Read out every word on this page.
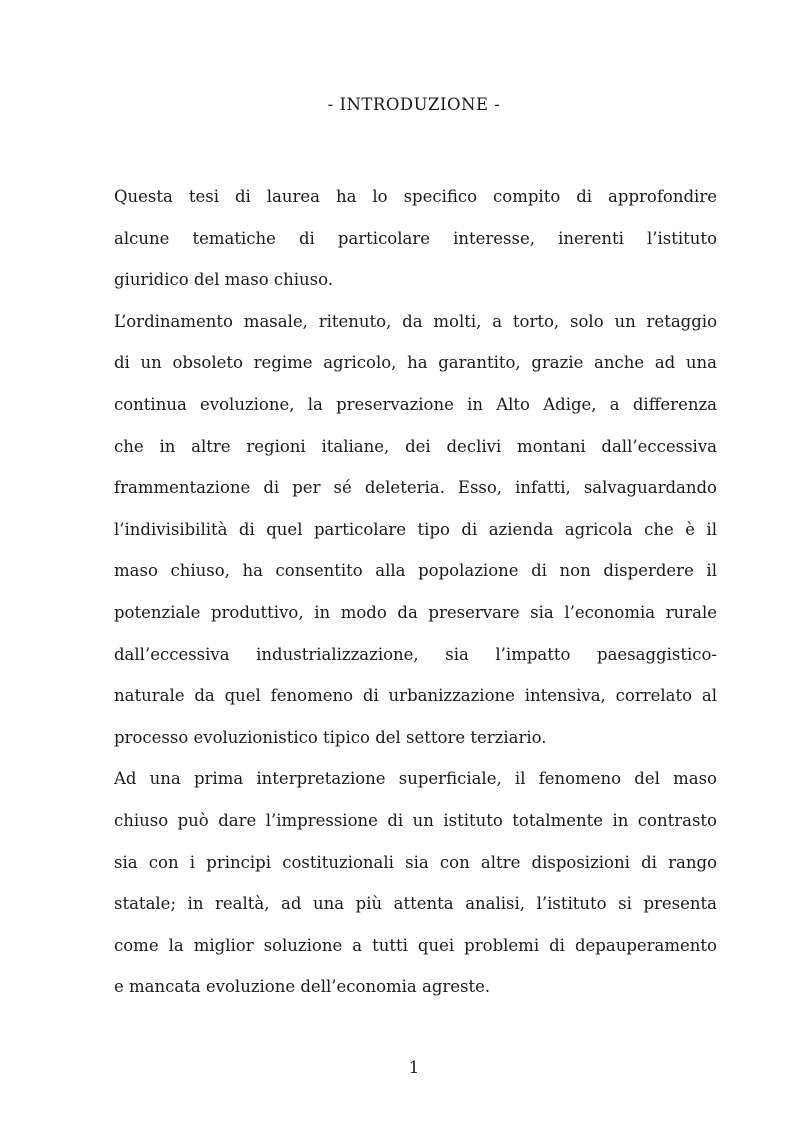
- INTRODUZIONE -

Questa tesi di laurea ha lo specifico compito di approfondire
alcune tematiche di particolare interesse, inerenti l’istituto
giuridico del maso chiuso.

L’ordinamento masale, ritenuto, da molti, a torto, solo un retaggio
di un obsoleto regime agricolo, ha garantito, grazie anche ad una
continua evoluzione, la preservazione in Alto Adige, a differenza
che in altre regioni italiane, dei declivi montani dall’eccessiva
frammentazione di per sé deleteria. Esso, infatti, salvaguardando
l’indivisibilità di quel particolare tipo di azienda agricola che è il
maso chiuso, ha consentito alla popolazione di non disperdere il
potenziale produttivo, in modo da preservare sia l’economia rurale
dall’eccessiva industrializzazione, sia l’impatto paesaggistico-
naturale da quel fenomeno di urbanizzazione intensiva, correlato al
processo evoluzionistico tipico del settore terziario.

Ad una prima interpretazione superficiale, il fenomeno del maso
chiuso può dare l’impressione di un istituto totalmente in contrasto
sia con i principi costituzionali sia con altre disposizioni di rango
statale; in realtà, ad una più attenta analisi, l’istituto si presenta
come la miglior soluzione a tutti quei problemi di depauperamento
e mancata evoluzione dell’economia agreste.

1
